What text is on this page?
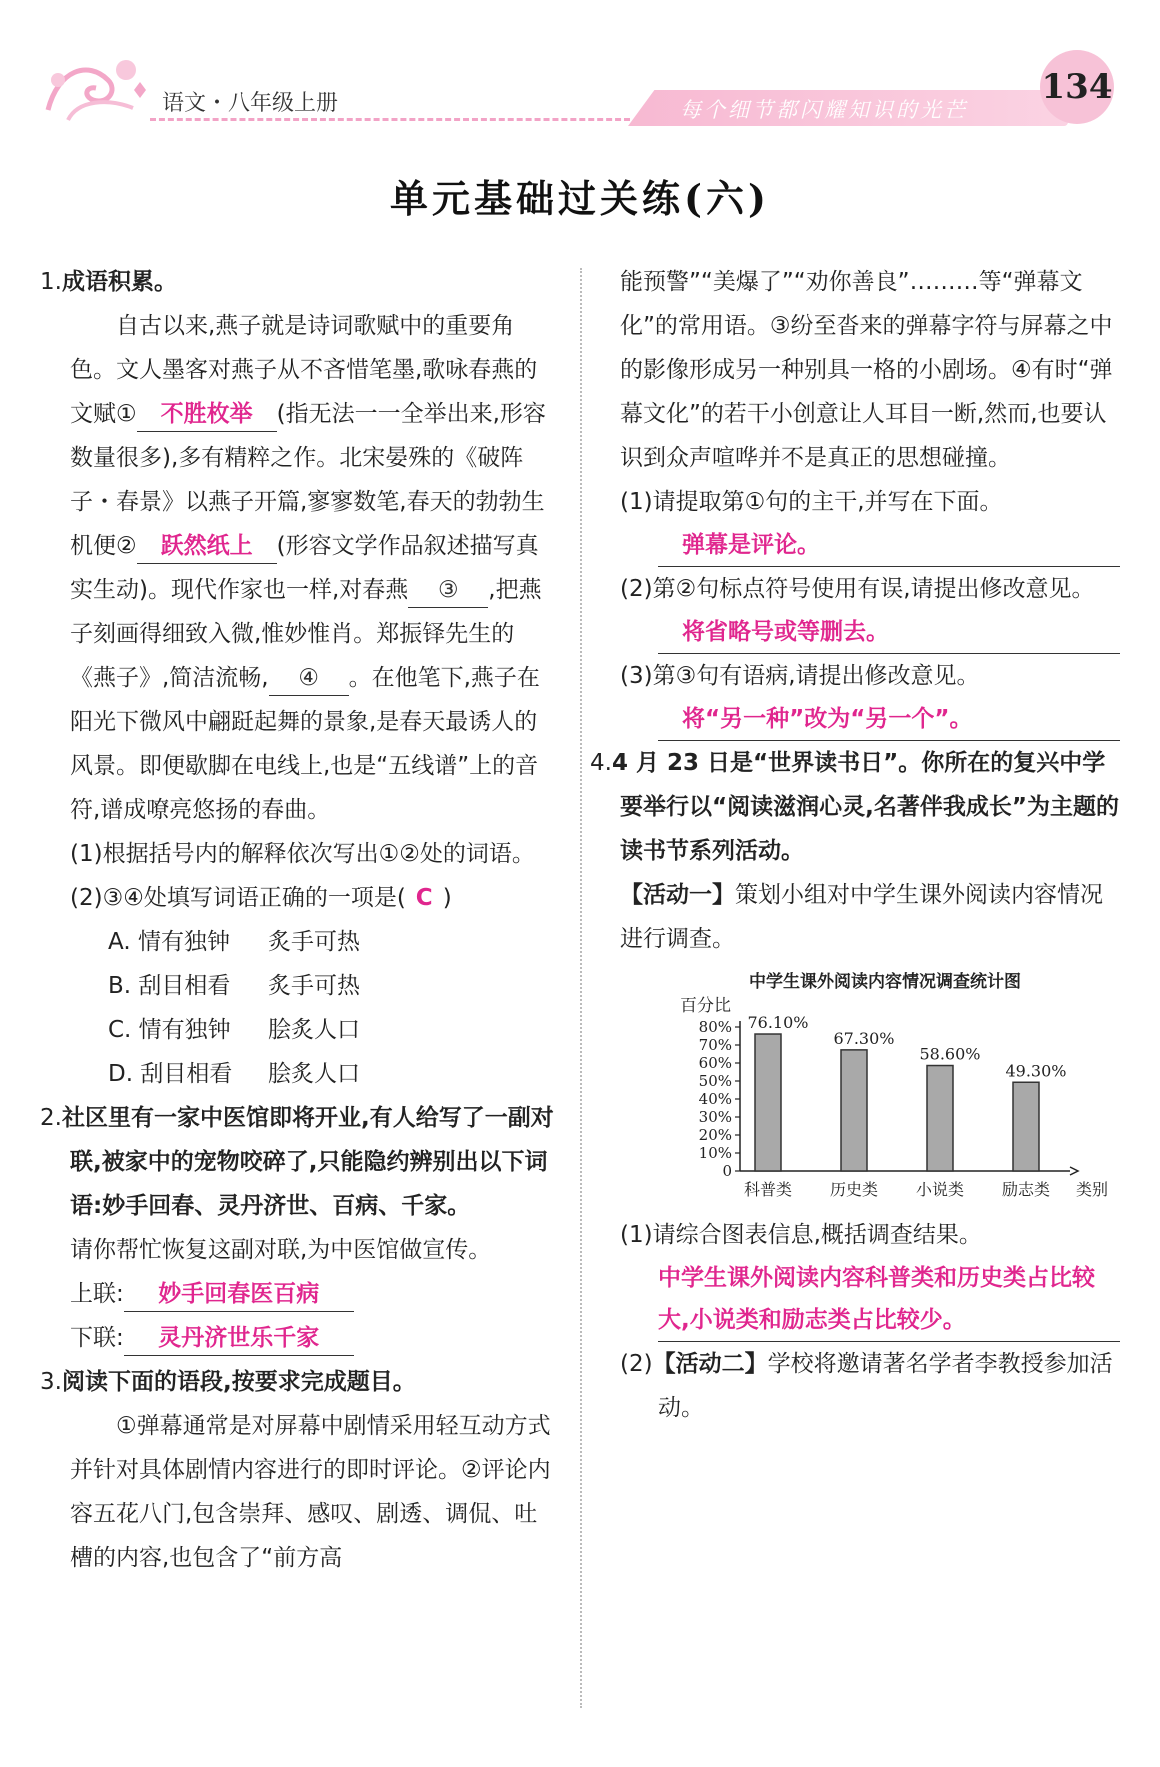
语文・八年级上册	每个细节都闪耀知识的光芒
134
单元基础过关练(六)

1.成语积累。

自古以来,燕子就是诗词歌赋中的重要角色。文人墨客对燕子从不吝惜笔墨,歌咏春燕的文赋① 不胜枚举 (指无法一一全举出来,形容数量很多),多有精粹之作。北宋晏殊的《破阵子・春景》以燕子开篇,寥寥数笔,春天的勃勃生机便② 跃然纸上 (形容文学作品叙述描写真实生动)。现代作家也一样,对春燕 ③ ,把燕子刻画得细致入微,惟妙惟肖。郑振铎先生的《燕子》,简洁流畅, ④ 。在他笔下,燕子在阳光下微风中翩跹起舞的景象,是春天最诱人的风景。即便歇脚在电线上,也是“五线谱”上的音符,谱成嘹亮悠扬的春曲。

(1)根据括号内的解释依次写出①②处的词语。

(2)③④处填写词语正确的一项是( C )

A. 情有独钟 炙手可热

B. 刮目相看 炙手可热

C. 情有独钟 脍炙人口

D. 刮目相看 脍炙人口

2.社区里有一家中医馆即将开业,有人给写了一副对联,被家中的宠物咬碎了,只能隐约辨别出以下词语:妙手回春、灵丹济世、百病、千家。

请你帮忙恢复这副对联,为中医馆做宣传。

上联: 妙手回春医百病

下联: 灵丹济世乐千家

3.阅读下面的语段,按要求完成题目。

①弹幕通常是对屏幕中剧情采用轻互动方式并针对具体剧情内容进行的即时评论。②评论内容五花八门,包含崇拜、感叹、剧透、调侃、吐槽的内容,也包含了“前方高

能预警”“美爆了”“劝你善良”………等“弹幕文化”的常用语。③纷至沓来的弹幕字符与屏幕之中的影像形成另一种别具一格的小剧场。④有时“弹幕文化”的若干小创意让人耳目一断,然而,也要认识到众声喧哗并不是真正的思想碰撞。

(1)请提取第①句的主干,并写在下面。

弹幕是评论。

(2)第②句标点符号使用有误,请提出修改意见。

将省略号或等删去。

(3)第③句有语病,请提出修改意见。

将“另一种”改为“另一个”。

4.4 月 23 日是“世界读书日”。你所在的复兴中学要举行以“阅读滋润心灵,名著伴我成长”为主题的读书节系列活动。

【活动一】策划小组对中学生课外阅读内容情况进行调查。

中学生课外阅读内容情况调查统计图
百分比
0
10%
20%
30%
40%
50%
60%
70%
80% 76.10%
科普类
67.30%
历史类
58.60%
小说类
49.30%
励志类 类别

(1)请综合图表信息,概括调查结果。

中学生课外阅读内容科普类和历史类占比较大,小说类和励志类占比较少。

(2)【活动二】学校将邀请著名学者李教授参加活动。
